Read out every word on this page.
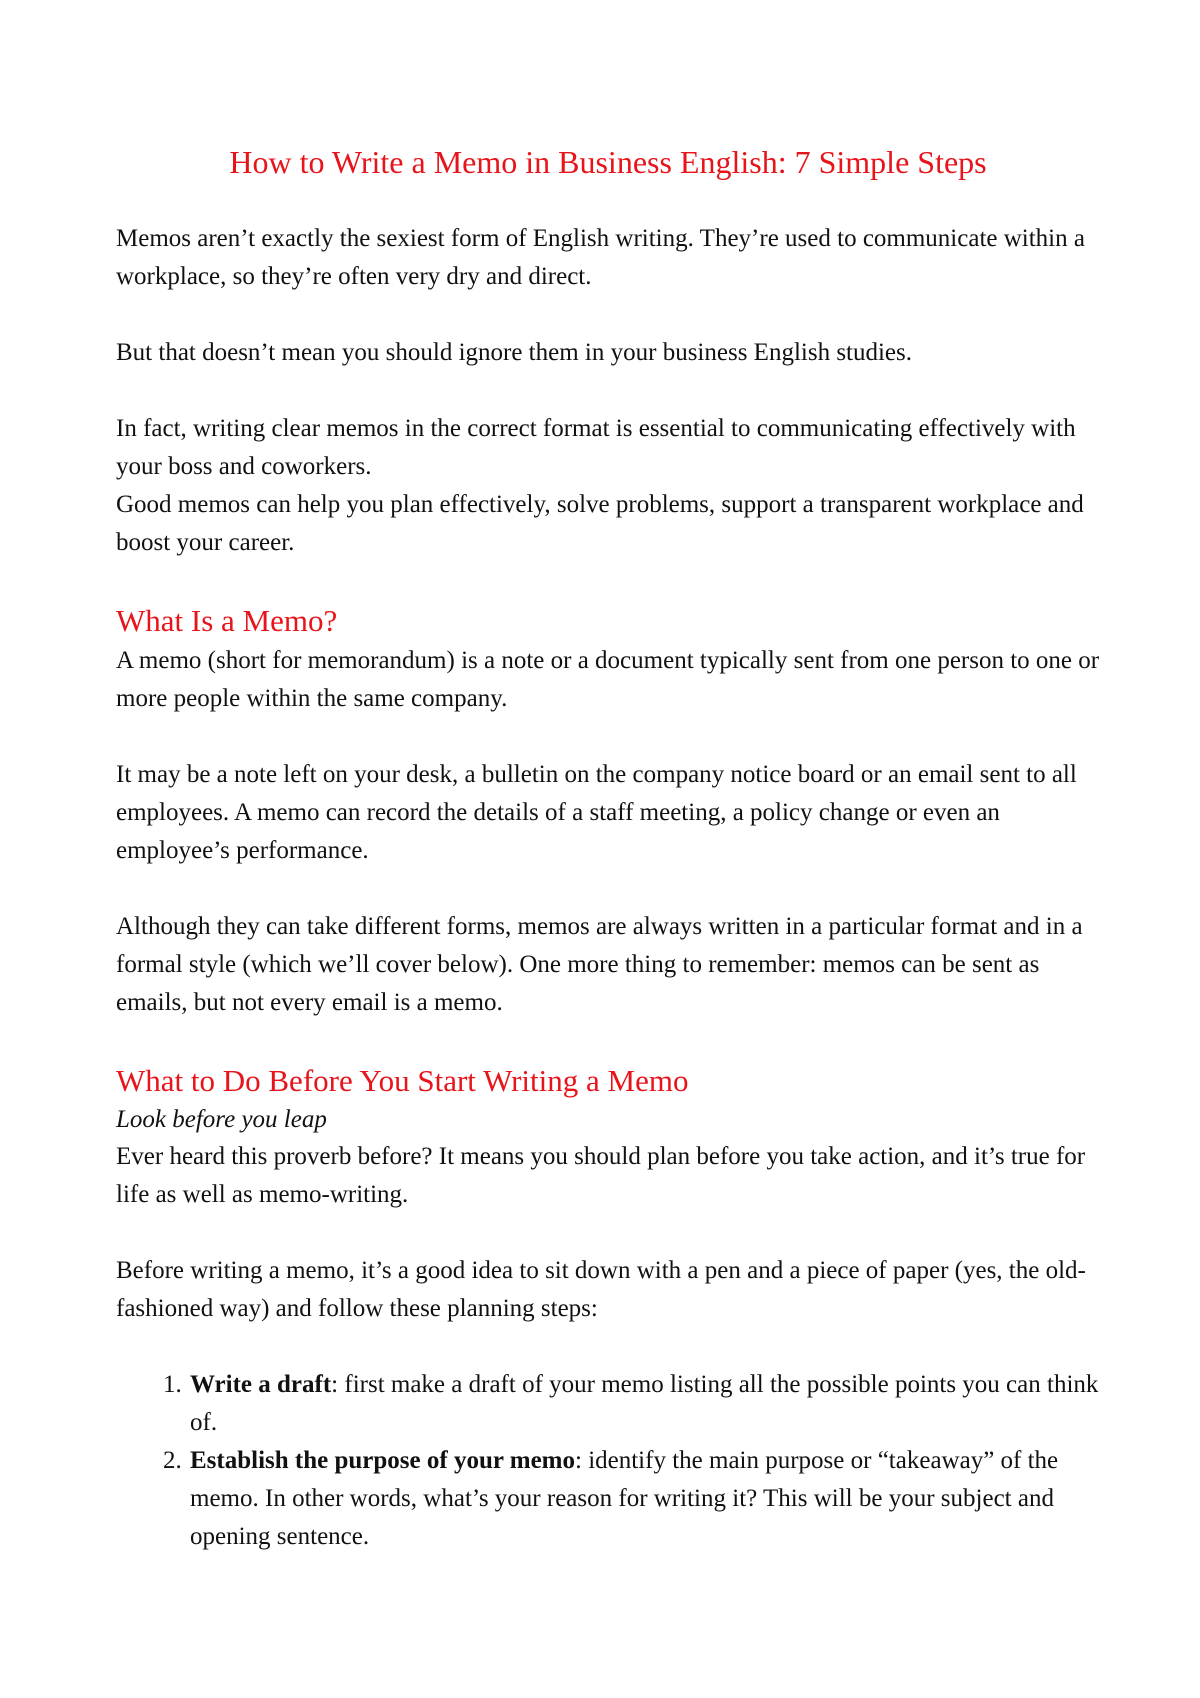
How to Write a Memo in Business English: 7 Simple Steps

Memos aren’t exactly the sexiest form of English writing. They’re used to communicate within a workplace, so they’re often very dry and direct.

But that doesn’t mean you should ignore them in your business English studies.

In fact, writing clear memos in the correct format is essential to communicating effectively with your boss and coworkers.

Good memos can help you plan effectively, solve problems, support a transparent workplace and boost your career.

What Is a Memo?

A memo (short for memorandum) is a note or a document typically sent from one person to one or more people within the same company.

It may be a note left on your desk, a bulletin on the company notice board or an email sent to all employees. A memo can record the details of a staff meeting, a policy change or even an employee’s performance.

Although they can take different forms, memos are always written in a particular format and in a formal style (which we’ll cover below). One more thing to remember: memos can be sent as emails, but not every email is a memo.

What to Do Before You Start Writing a Memo
Look before you leap

Ever heard this proverb before? It means you should plan before you take action, and it’s true for life as well as memo-writing.

Before writing a memo, it’s a good idea to sit down with a pen and a piece of paper (yes, the old-fashioned way) and follow these planning steps:

1. Write a draft: first make a draft of your memo listing all the possible points you can think of.
2. Establish the purpose of your memo: identify the main purpose or “takeaway” of the memo. In other words, what’s your reason for writing it? This will be your subject and opening sentence.
